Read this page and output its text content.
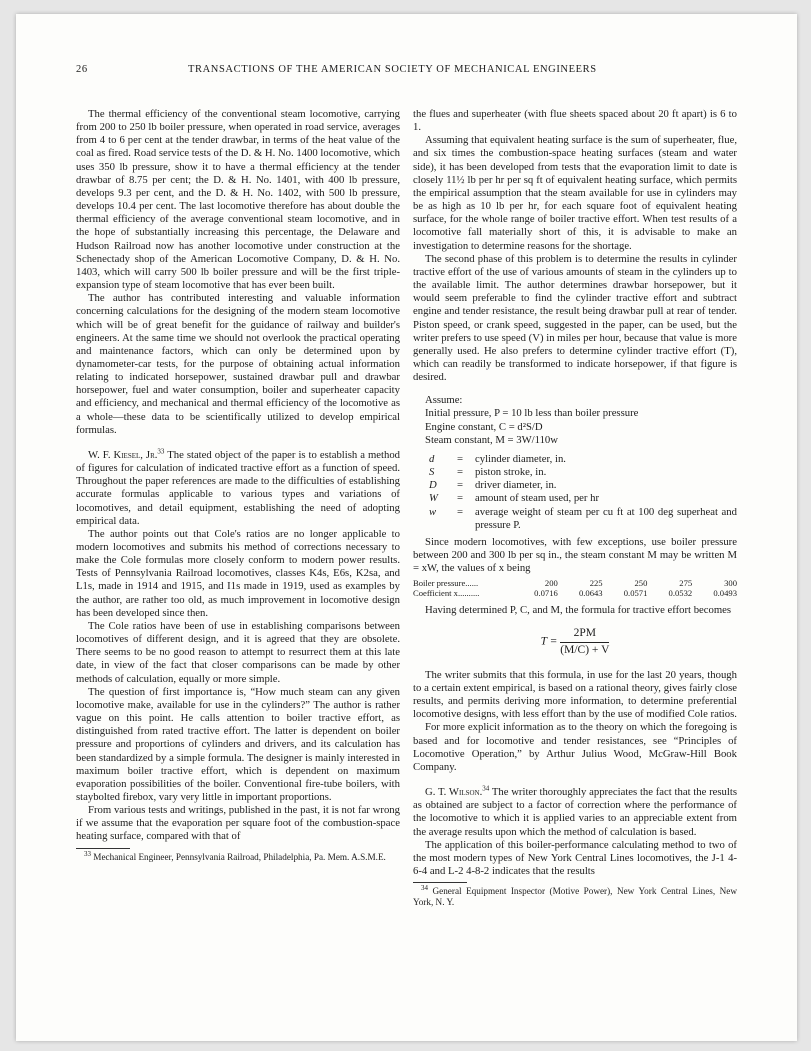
26	TRANSACTIONS OF THE AMERICAN SOCIETY OF MECHANICAL ENGINEERS

The thermal efficiency of the conventional steam locomotive, carrying from 200 to 250 lb boiler pressure, when operated in road service, averages from 4 to 6 per cent at the tender drawbar, in terms of the heat value of the coal as fired. Road service tests of the D. & H. No. 1400 locomotive, which uses 350 lb pressure, show it to have a thermal efficiency at the tender drawbar of 8.75 per cent; the D. & H. No. 1401, with 400 lb pressure, develops 9.3 per cent, and the D. & H. No. 1402, with 500 lb pressure, develops 10.4 per cent. The last locomotive therefore has about double the thermal efficiency of the average conventional steam locomotive, and in the hope of substantially increasing this percentage, the Delaware and Hudson Railroad now has another locomotive under construction at the Schenectady shop of the American Locomotive Company, D. & H. No. 1403, which will carry 500 lb boiler pressure and will be the first triple-expansion type of steam locomotive that has ever been built.

The author has contributed interesting and valuable information concerning calculations for the designing of the modern steam locomotive which will be of great benefit for the guidance of railway and builder's engineers. At the same time we should not overlook the practical operating and maintenance factors, which can only be determined upon by dynamometer-car tests, for the purpose of obtaining actual information relating to indicated horsepower, sustained drawbar pull and drawbar horsepower, fuel and water consumption, boiler and superheater capacity and efficiency, and mechanical and thermal efficiency of the locomotive as a whole—these data to be scientifically utilized to develop empirical formulas.

W. F. Kiesel, Jr.$^{33}$ The stated object of the paper is to establish a method of figures for calculation of indicated tractive effort as a function of speed. Throughout the paper references are made to the difficulties of establishing accurate formulas applicable to various types and variations of locomotives, and detail equipment, establishing the need of adopting empirical data.

The author points out that Cole's ratios are no longer applicable to modern locomotives and submits his method of corrections necessary to make the Cole formulas more closely conform to modern power results. Tests of Pennsylvania Railroad locomotives, classes K4s, E6s, K2sa, and L1s, made in 1914 and 1915, and I1s made in 1919, used as examples by the author, are rather too old, as much improvement in locomotive design has been developed since then.

The Cole ratios have been of use in establishing comparisons between locomotives of different design, and it is agreed that they are obsolete. There seems to be no good reason to attempt to resurrect them at this late date, in view of the fact that closer comparisons can be made by other methods of calculation, equally or more simple.

The question of first importance is, “How much steam can any given locomotive make, available for use in the cylinders?” The author is rather vague on this point. He calls attention to boiler tractive effort, as distinguished from rated tractive effort. The latter is dependent on boiler pressure and proportions of cylinders and drivers, and its calculation has been standardized by a simple formula. The designer is mainly interested in maximum boiler tractive effort, which is dependent on maximum evaporation possibilities of the boiler. Conventional fire-tube boilers, with staybolted firebox, vary very little in important proportions.

From various tests and writings, published in the past, it is not far wrong if we assume that the evaporation per square foot of the combustion-space heating surface, compared with that of

$^{33}$ Mechanical Engineer, Pennsylvania Railroad, Philadelphia, Pa. Mem. A.S.M.E.

the flues and superheater (with flue sheets spaced about 20 ft apart) is 6 to 1.

Assuming that equivalent heating surface is the sum of superheater, flue, and six times the combustion-space heating surfaces (steam and water side), it has been developed from tests that the evaporation limit to date is closely 11½ lb per hr per sq ft of equivalent heating surface, which permits the empirical assumption that the steam available for use in cylinders may be as high as 10 lb per hr, for each square foot of equivalent heating surface, for the whole range of boiler tractive effort. When test results of a locomotive fall materially short of this, it is advisable to make an investigation to determine reasons for the shortage.

The second phase of this problem is to determine the results in cylinder tractive effort of the use of various amounts of steam in the cylinders up to the available limit. The author determines drawbar horsepower, but it would seem preferable to find the cylinder tractive effort and subtract engine and tender resistance, the result being drawbar pull at rear of tender. Piston speed, or crank speed, suggested in the paper, can be used, but the writer prefers to use speed (V) in miles per hour, because that value is more generally used. He also prefers to determine cylinder tractive effort (T), which can readily be transformed to indicate horsepower, if that figure is desired.

Assume:
Initial pressure, P = 10 lb less than boiler pressure
Engine constant, C = d²S/D
Steam constant, M = 3W/110w
d	=	cylinder diameter, in.
S	=	piston stroke, in.
D	=	driver diameter, in.
W	=	amount of steam used, per hr
w	=	average weight of steam per cu ft at 100 deg superheat and pressure P.

Since modern locomotives, with few exceptions, use boiler pressure between 200 and 300 lb per sq in., the steam constant M may be written M = xW, the values of x being

Boiler pressure......	200	225	250	275	300
Coefficient x..........	0.0716	0.0643	0.0571	0.0532	0.0493

Having determined P, C, and M, the formula for tractive effort becomes

$T = \frac{2PM}{(M/C) + V}$

The writer submits that this formula, in use for the last 20 years, though to a certain extent empirical, is based on a rational theory, gives fairly close results, and permits deriving more information, to determine preferential locomotive designs, with less effort than by the use of modified Cole ratios.

For more explicit information as to the theory on which the foregoing is based and for locomotive and tender resistances, see “Principles of Locomotive Operation,” by Arthur Julius Wood, McGraw-Hill Book Company.

G. T. Wilson.$^{34}$ The writer thoroughly appreciates the fact that the results as obtained are subject to a factor of correction where the performance of the locomotive to which it is applied varies to an appreciable extent from the average results upon which the method of calculation is based.

The application of this boiler-performance calculating method to two of the most modern types of New York Central Lines locomotives, the J-1 4-6-4 and L-2 4-8-2 indicates that the results

$^{34}$ General Equipment Inspector (Motive Power), New York Central Lines, New York, N. Y.
